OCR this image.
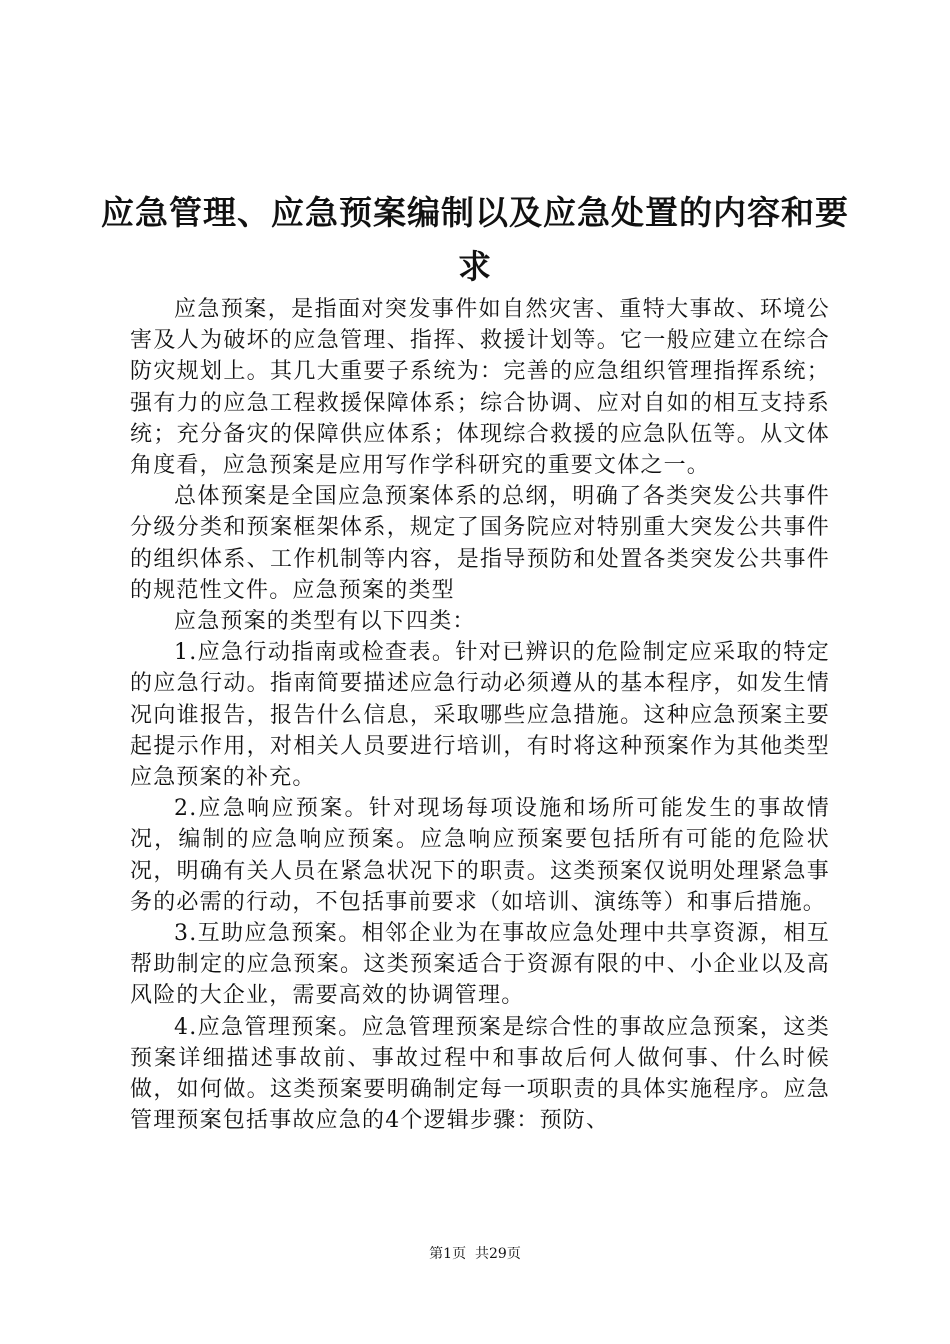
应急管理、应急预案编制以及应急处置的内容和要求

应急预案，是指面对突发事件如自然灾害、重特大事故、环境公害及人为破坏的应急管理、指挥、救援计划等。它一般应建立在综合防灾规划上。其几大重要子系统为：完善的应急组织管理指挥系统；强有力的应急工程救援保障体系；综合协调、应对自如的相互支持系统；充分备灾的保障供应体系；体现综合救援的应急队伍等。从文体角度看，应急预案是应用写作学科研究的重要文体之一。

总体预案是全国应急预案体系的总纲，明确了各类突发公共事件分级分类和预案框架体系，规定了国务院应对特别重大突发公共事件的组织体系、工作机制等内容，是指导预防和处置各类突发公共事件的规范性文件。应急预案的类型

应急预案的类型有以下四类：

1.应急行动指南或检查表。针对已辨识的危险制定应采取的特定的应急行动。指南简要描述应急行动必须遵从的基本程序，如发生情况向谁报告，报告什么信息，采取哪些应急措施。这种应急预案主要起提示作用，对相关人员要进行培训，有时将这种预案作为其他类型应急预案的补充。

2.应急响应预案。针对现场每项设施和场所可能发生的事故情况，编制的应急响应预案。应急响应预案要包括所有可能的危险状况，明确有关人员在紧急状况下的职责。这类预案仅说明处理紧急事务的必需的行动，不包括事前要求（如培训、演练等）和事后措施。

3.互助应急预案。相邻企业为在事故应急处理中共享资源，相互帮助制定的应急预案。这类预案适合于资源有限的中、小企业以及高风险的大企业，需要高效的协调管理。

4.应急管理预案。应急管理预案是综合性的事故应急预案，这类预案详细描述事故前、事故过程中和事故后何人做何事、什么时候做，如何做。这类预案要明确制定每一项职责的具体实施程序。应急管理预案包括事故应急的4个逻辑步骤：预防、

第1页 共29页
